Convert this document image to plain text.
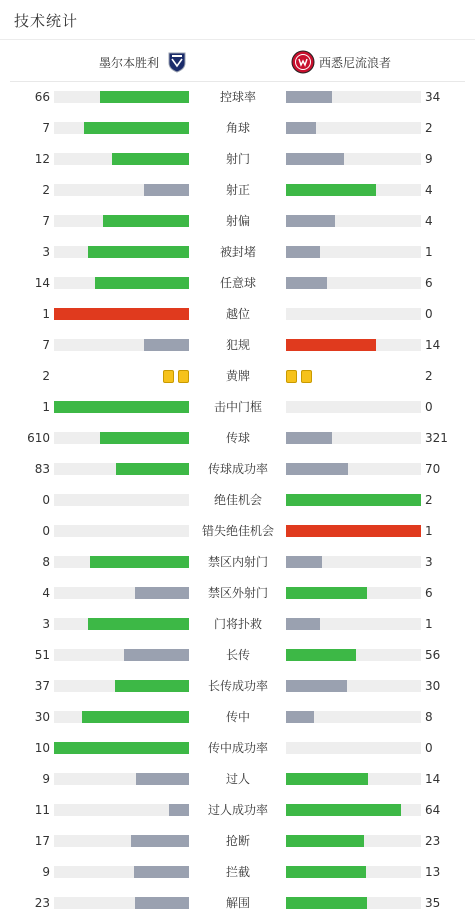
技术统计
墨尔本胜利	西悉尼流浪者
66	控球率	34
7	角球	2
12	射门	9
2	射正	4
7	射偏	4
3	被封堵	1
14	任意球	6
1	越位	0
7	犯规	14
2	黄牌	2
1	击中门框	0
610	传球	321
83	传球成功率	70
0	绝佳机会	2
0	错失绝佳机会	1
8	禁区内射门	3
4	禁区外射门	6
3	门将扑救	1
51	长传	56
37	长传成功率	30
30	传中	8
10	传中成功率	0
9	过人	14
11	过人成功率	64
17	抢断	23
9	拦截	13
23	解围	35
